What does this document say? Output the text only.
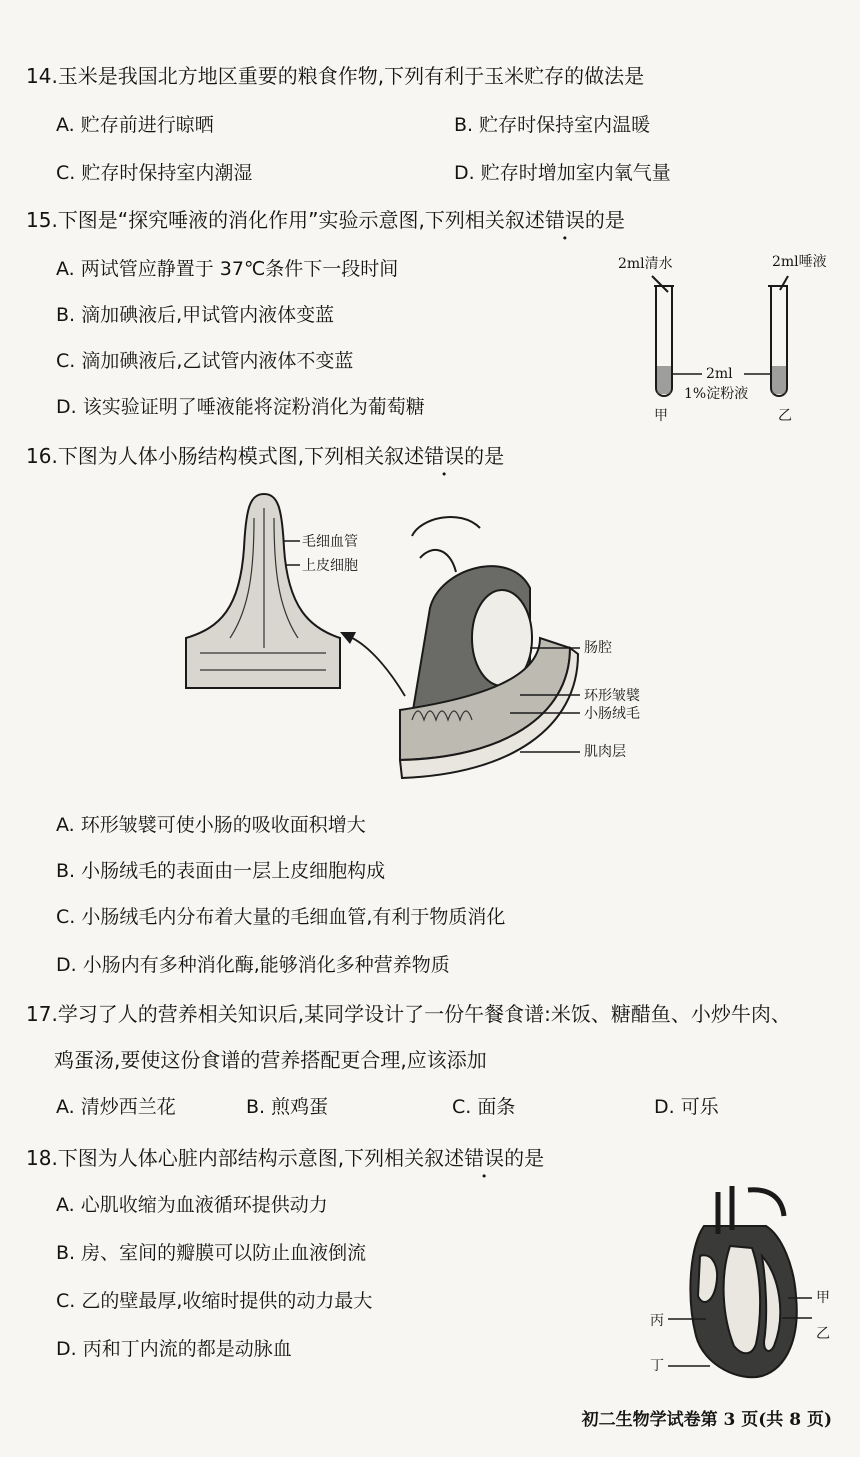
14.玉米是我国北方地区重要的粮食作物,下列有利于玉米贮存的做法是
A. 贮存前进行晾晒	B. 贮存时保持室内温暖
C. 贮存时保持室内潮湿	D. 贮存时增加室内氧气量
15.下图是“探究唾液的消化作用”实验示意图,下列相关叙述错误的是
A. 两试管应静置于 37℃条件下一段时间
B. 滴加碘液后,甲试管内液体变蓝
C. 滴加碘液后,乙试管内液体不变蓝
D. 该实验证明了唾液能将淀粉消化为葡萄糖
2ml清水	2ml唾液
2ml
1%淀粉液
甲	乙
16.下图为人体小肠结构模式图,下列相关叙述错误的是
毛细血管
上皮细胞
肠腔
环形皱襞
小肠绒毛
肌肉层
A. 环形皱襞可使小肠的吸收面积增大
B. 小肠绒毛的表面由一层上皮细胞构成
C. 小肠绒毛内分布着大量的毛细血管,有利于物质消化
D. 小肠内有多种消化酶,能够消化多种营养物质
17.学习了人的营养相关知识后,某同学设计了一份午餐食谱:米饭、糖醋鱼、小炒牛肉、
鸡蛋汤,要使这份食谱的营养搭配更合理,应该添加
A. 清炒西兰花	B. 煎鸡蛋	C. 面条	D. 可乐
18.下图为人体心脏内部结构示意图,下列相关叙述错误的是
A. 心肌收缩为血液循环提供动力
B. 房、室间的瓣膜可以防止血液倒流
C. 乙的壁最厚,收缩时提供的动力最大
D. 丙和丁内流的都是动脉血
甲
乙
丙
丁
初二生物学试卷第 3 页(共 8 页)
